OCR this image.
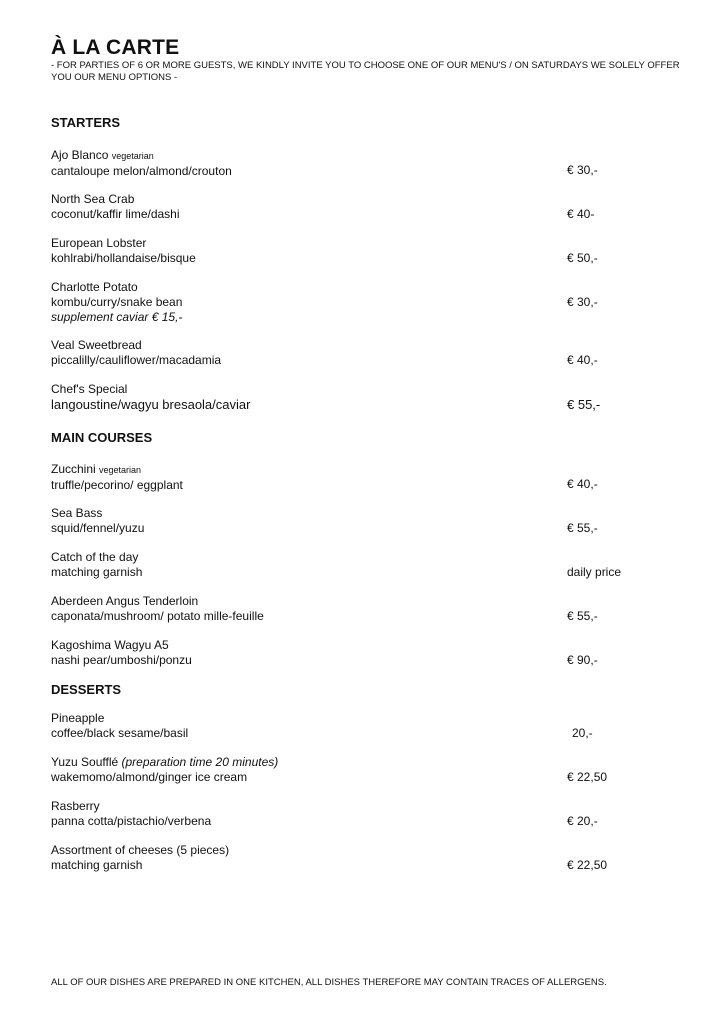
À LA CARTE
- FOR PARTIES OF 6 OR MORE GUESTS, WE KINDLY INVITE YOU TO CHOOSE ONE OF OUR MENU'S / ON SATURDAYS WE SOLELY OFFER YOU OUR MENU OPTIONS -
STARTERS
Ajo Blanco vegetarian
cantaloupe melon/almond/crouton	€ 30,-
North Sea Crab
coconut/kaffir lime/dashi	€ 40-
European Lobster
kohlrabi/hollandaise/bisque	€ 50,-
Charlotte Potato
kombu/curry/snake bean
supplement caviar € 15,-
€ 30,-
Veal Sweetbread
piccalilly/cauliflower/macadamia	€ 40,-
Chef's Special
langoustine/wagyu bresaola/caviar	€ 55,-
MAIN COURSES
Zucchini vegetarian
truffle/pecorino/ eggplant	€ 40,-
Sea Bass
squid/fennel/yuzu	€ 55,-
Catch of the day
matching garnish	daily price
Aberdeen Angus Tenderloin
caponata/mushroom/ potato mille-feuille	€ 55,-
Kagoshima Wagyu A5
nashi pear/umboshi/ponzu	€ 90,-
DESSERTS
Pineapple
coffee/black sesame/basil	20,-
Yuzu Soufflé (preparation time 20 minutes)
wakemomo/almond/ginger ice cream	€ 22,50
Rasberry
panna cotta/pistachio/verbena	€ 20,-
Assortment of cheeses (5 pieces)
matching garnish	€ 22,50
ALL OF OUR DISHES ARE PREPARED IN ONE KITCHEN, ALL DISHES THEREFORE MAY CONTAIN TRACES OF ALLERGENS.
